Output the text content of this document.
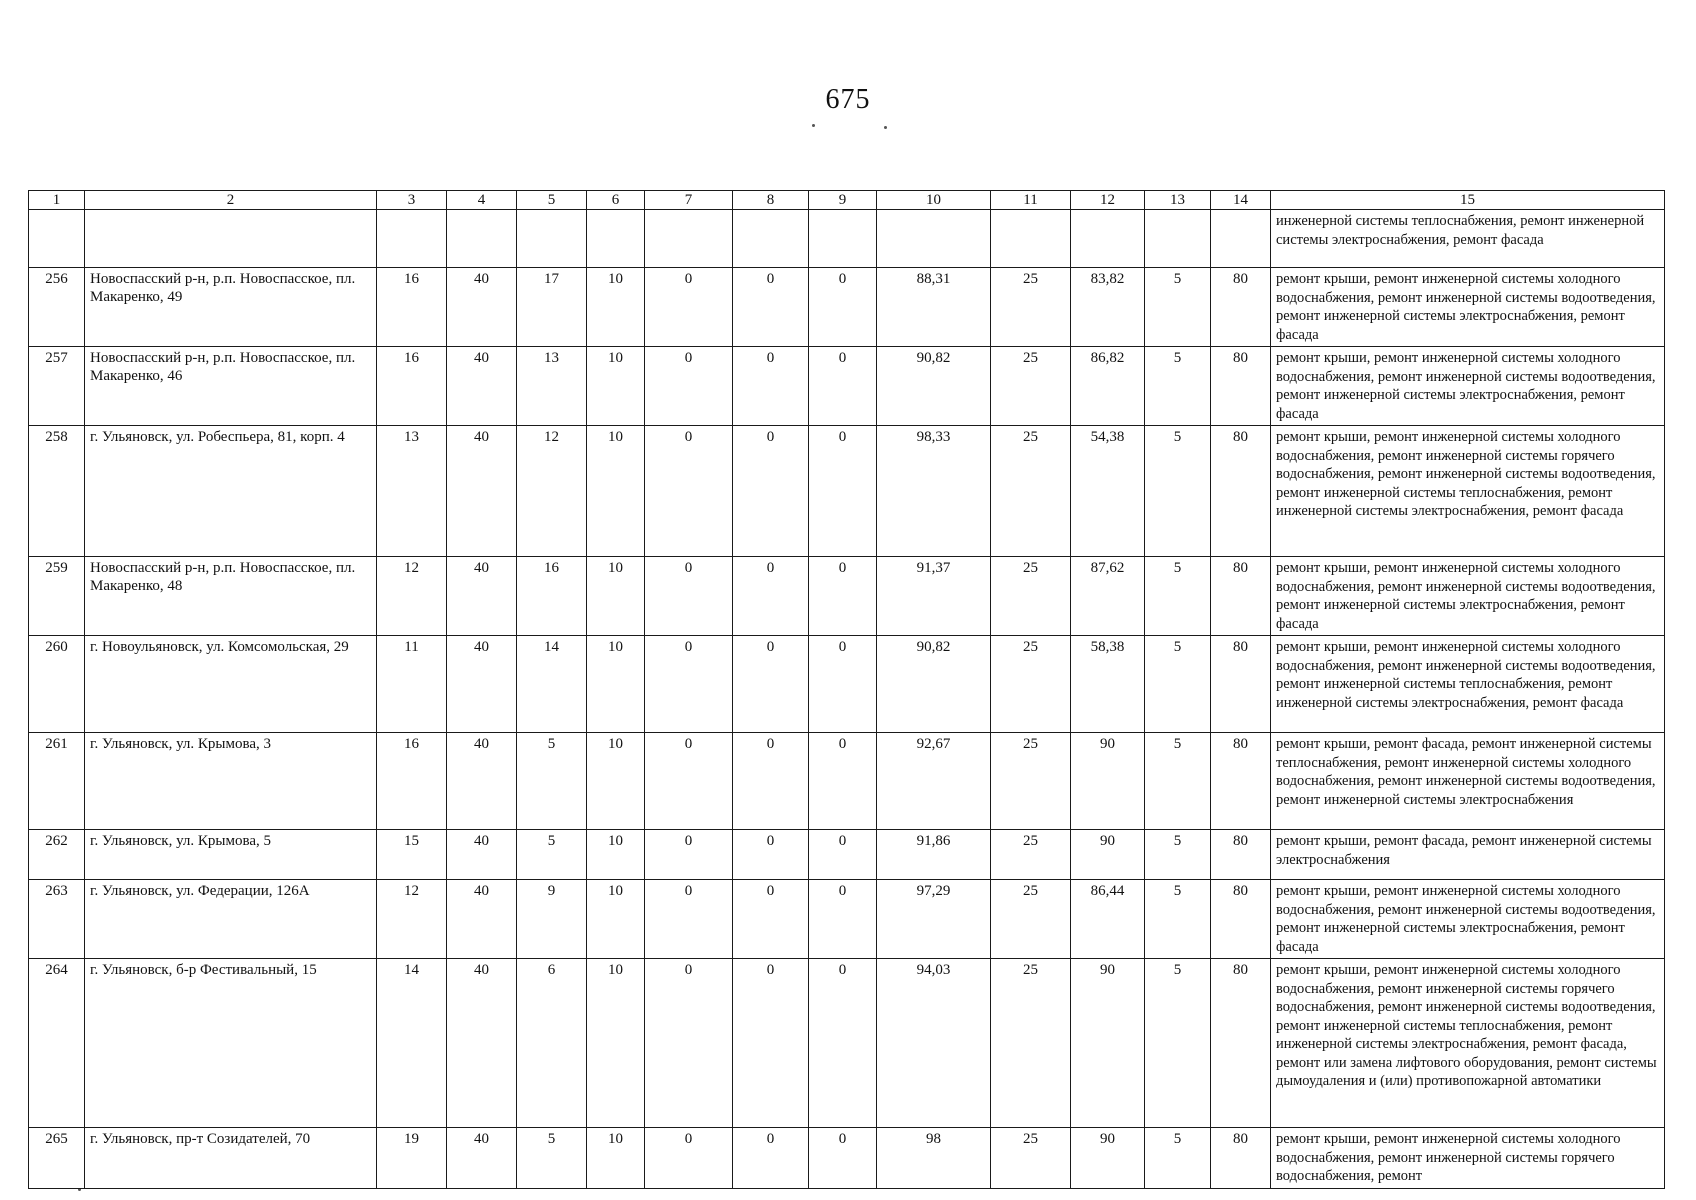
675
1	2	3	4	5	6	7	8	9	10	11	12	13	14	15
														инженерной системы теплоснабжения, ремонт инженерной системы электроснабжения, ремонт фасада
256	Новоспасский р-н, р.п. Новоспасское, пл. Макаренко, 49	16	40	17	10	0	0	0	88,31	25	83,82	5	80	ремонт крыши, ремонт инженерной системы холодного водоснабжения, ремонт инженерной системы водоотведения, ремонт инженерной системы электроснабжения, ремонт фасада
257	Новоспасский р-н, р.п. Новоспасское, пл. Макаренко, 46	16	40	13	10	0	0	0	90,82	25	86,82	5	80	ремонт крыши, ремонт инженерной системы холодного водоснабжения, ремонт инженерной системы водоотведения, ремонт инженерной системы электроснабжения, ремонт фасада
258	г. Ульяновск, ул. Робеспьера, 81, корп. 4	13	40	12	10	0	0	0	98,33	25	54,38	5	80	ремонт крыши, ремонт инженерной системы холодного водоснабжения, ремонт инженерной системы горячего водоснабжения, ремонт инженерной системы водоотведения, ремонт инженерной системы теплоснабжения, ремонт инженерной системы электроснабжения, ремонт фасада
259	Новоспасский р-н, р.п. Новоспасское, пл. Макаренко, 48	12	40	16	10	0	0	0	91,37	25	87,62	5	80	ремонт крыши, ремонт инженерной системы холодного водоснабжения, ремонт инженерной системы водоотведения, ремонт инженерной системы электроснабжения, ремонт фасада
260	г. Новоульяновск, ул. Комсомольская, 29	11	40	14	10	0	0	0	90,82	25	58,38	5	80	ремонт крыши, ремонт инженерной системы холодного водоснабжения, ремонт инженерной системы водоотведения, ремонт инженерной системы теплоснабжения, ремонт инженерной системы электроснабжения, ремонт фасада
261	г. Ульяновск, ул. Крымова, 3	16	40	5	10	0	0	0	92,67	25	90	5	80	ремонт крыши, ремонт фасада, ремонт инженерной системы теплоснабжения, ремонт инженерной системы холодного водоснабжения, ремонт инженерной системы водоотведения, ремонт инженерной системы электроснабжения
262	г. Ульяновск, ул. Крымова, 5	15	40	5	10	0	0	0	91,86	25	90	5	80	ремонт крыши, ремонт фасада, ремонт инженерной системы электроснабжения
263	г. Ульяновск, ул. Федерации, 126А	12	40	9	10	0	0	0	97,29	25	86,44	5	80	ремонт крыши, ремонт инженерной системы холодного водоснабжения, ремонт инженерной системы водоотведения, ремонт инженерной системы электроснабжения, ремонт фасада
264	г. Ульяновск, б-р Фестивальный, 15	14	40	6	10	0	0	0	94,03	25	90	5	80	ремонт крыши, ремонт инженерной системы холодного водоснабжения, ремонт инженерной системы горячего водоснабжения, ремонт инженерной системы водоотведения, ремонт инженерной системы теплоснабжения, ремонт инженерной системы электроснабжения, ремонт фасада, ремонт или замена лифтового оборудования, ремонт системы дымоудаления и (или) противопожарной автоматики
265	г. Ульяновск, пр-т Созидателей, 70	19	40	5	10	0	0	0	98	25	90	5	80	ремонт крыши, ремонт инженерной системы холодного водоснабжения, ремонт инженерной системы горячего водоснабжения, ремонт
